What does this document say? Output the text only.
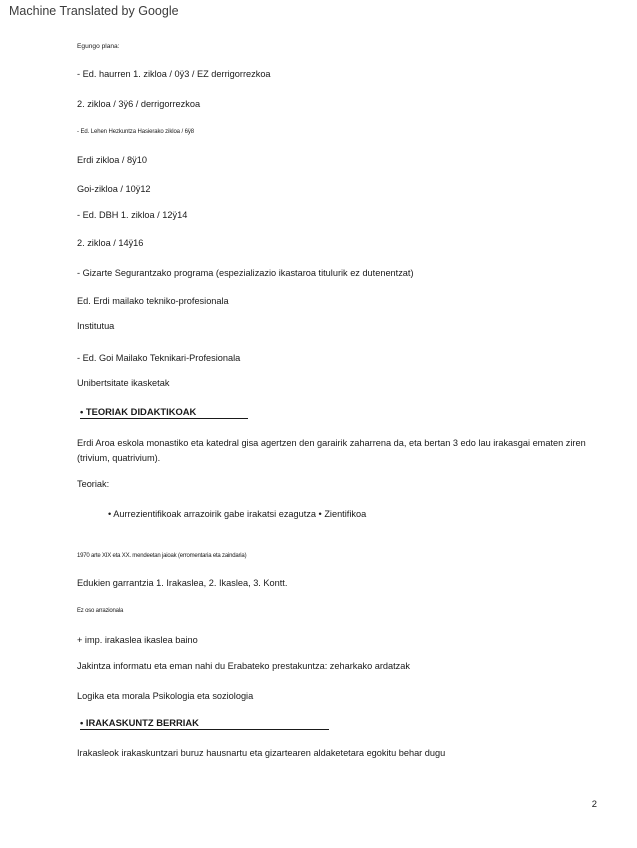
Machine Translated by Google
Egungo plana:
- Ed. haurren 1. zikloa / 0ÿ3 / EZ derrigorrezkoa
2. zikloa / 3ÿ6 / derrigorrezkoa
- Ed. Lehen Hezkuntza Hasierako zikloa / 6ÿ8
Erdi zikloa / 8ÿ10
Goi-zikloa / 10ÿ12
- Ed. DBH 1. zikloa / 12ÿ14
2. zikloa / 14ÿ16
- Gizarte Segurantzako programa (espezializazio ikastaroa titulurik ez dutenentzat)
Ed. Erdi mailako tekniko-profesionala
Institutua
- Ed. Goi Mailako Teknikari-Profesionala
Unibertsitate ikasketak
• TEORIAK DIDAKTIKOAK
Erdi Aroa eskola monastiko eta katedral gisa agertzen den garairik zaharrena da, eta bertan 3 edo lau irakasgai ematen ziren (trivium, quatrivium).
Teoriak:
• Aurrezientifikoak arrazoirik gabe irakatsi ezagutza • Zientifikoa
1970 arte XIX eta XX. mendeetan jaioak (erromentaria eta zaindaria)
Edukien garrantzia 1. Irakaslea, 2. Ikaslea, 3. Kontt.
Ez oso arrazionala
+ imp. irakaslea ikaslea baino
Jakintza informatu eta eman nahi du Erabateko prestakuntza: zeharkako ardatzak
Logika eta morala Psikologia eta soziologia
• IRAKASKUNTZ BERRIAK
Irakasleok irakaskuntzari buruz hausnartu eta gizartearen aldaketetara egokitu behar dugu
2
